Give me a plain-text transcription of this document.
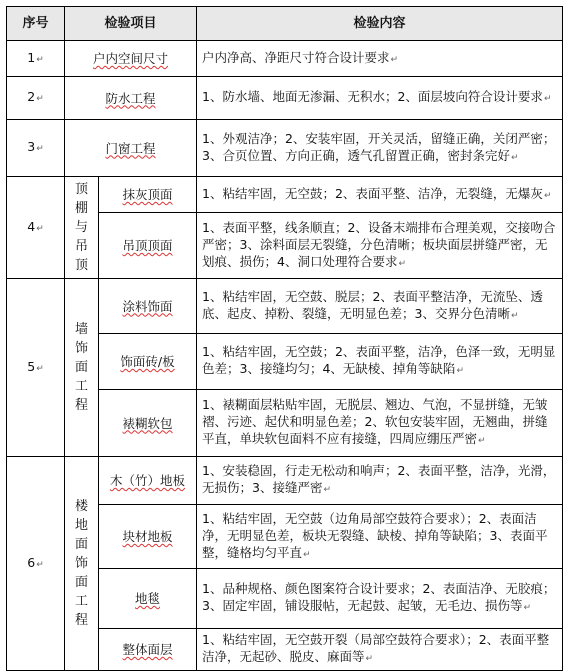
序号	检验项目		检验内容
1↵	户内空间尺寸		户内净高、净距尺寸符合设计要求↵
2↵	防水工程		1、防水墙、地面无渗漏、无积水；2、面层坡向符合设计要求↵
3↵	门窗工程		1、外观洁净；2、安装牢固，开关灵活，留缝正确，关闭严密；3、合页位置、方向正确，透气孔留置正确，密封条完好↵
4↵	顶棚与吊顶	抹灰顶面	1、粘结牢固，无空鼓；2、表面平整、洁净，无裂缝，无爆灰↵
		吊顶顶面	1、表面平整，线条顺直；2、设备末端排布合理美观，交接吻合严密；3、涂料面层无裂缝，分色清晰；板块面层拼缝严密，无划痕、损伤；4、洞口处理符合要求↵
5↵	墙饰面工程	涂料饰面	1、粘结牢固，无空鼓、脱层；2、表面平整洁净，无流坠、透底、起皮、掉粉、裂缝，无明显色差；3、交界分色清晰↵
		饰面砖/板	1、粘结牢固，无空鼓；2、表面平整，洁净，色泽一致，无明显色差；3、接缝均匀；4、无缺棱、掉角等缺陷↵
		裱糊软包	1、裱糊面层粘贴牢固，无脱层、翘边、气泡，不显拼缝，无皱褶、污迹、起伏和明显色差；2、软包安装牢固，无翘曲，拼缝平直，单块软包面料不应有接缝，四周应绷压严密↵
6↵	楼地面饰面工程	木（竹）地板	1、安装稳固，行走无松动和响声；2、表面平整，洁净，光滑，无损伤；3、接缝严密↵
		块材地板	1、粘结牢固，无空鼓（边角局部空鼓符合要求）；2、表面洁净，无明显色差，板块无裂缝、缺棱、掉角等缺陷；3、表面平整，缝格均匀平直↵
		地毯	1、品种规格、颜色图案符合设计要求；2、表面洁净、无胶痕；3、固定牢固，铺设服帖，无起鼓、起皱，无毛边、损伤等↵
		整体面层	1、粘结牢固，无空鼓开裂（局部空鼓符合要求）；2、表面平整洁净，无起砂、脱皮、麻面等↵
